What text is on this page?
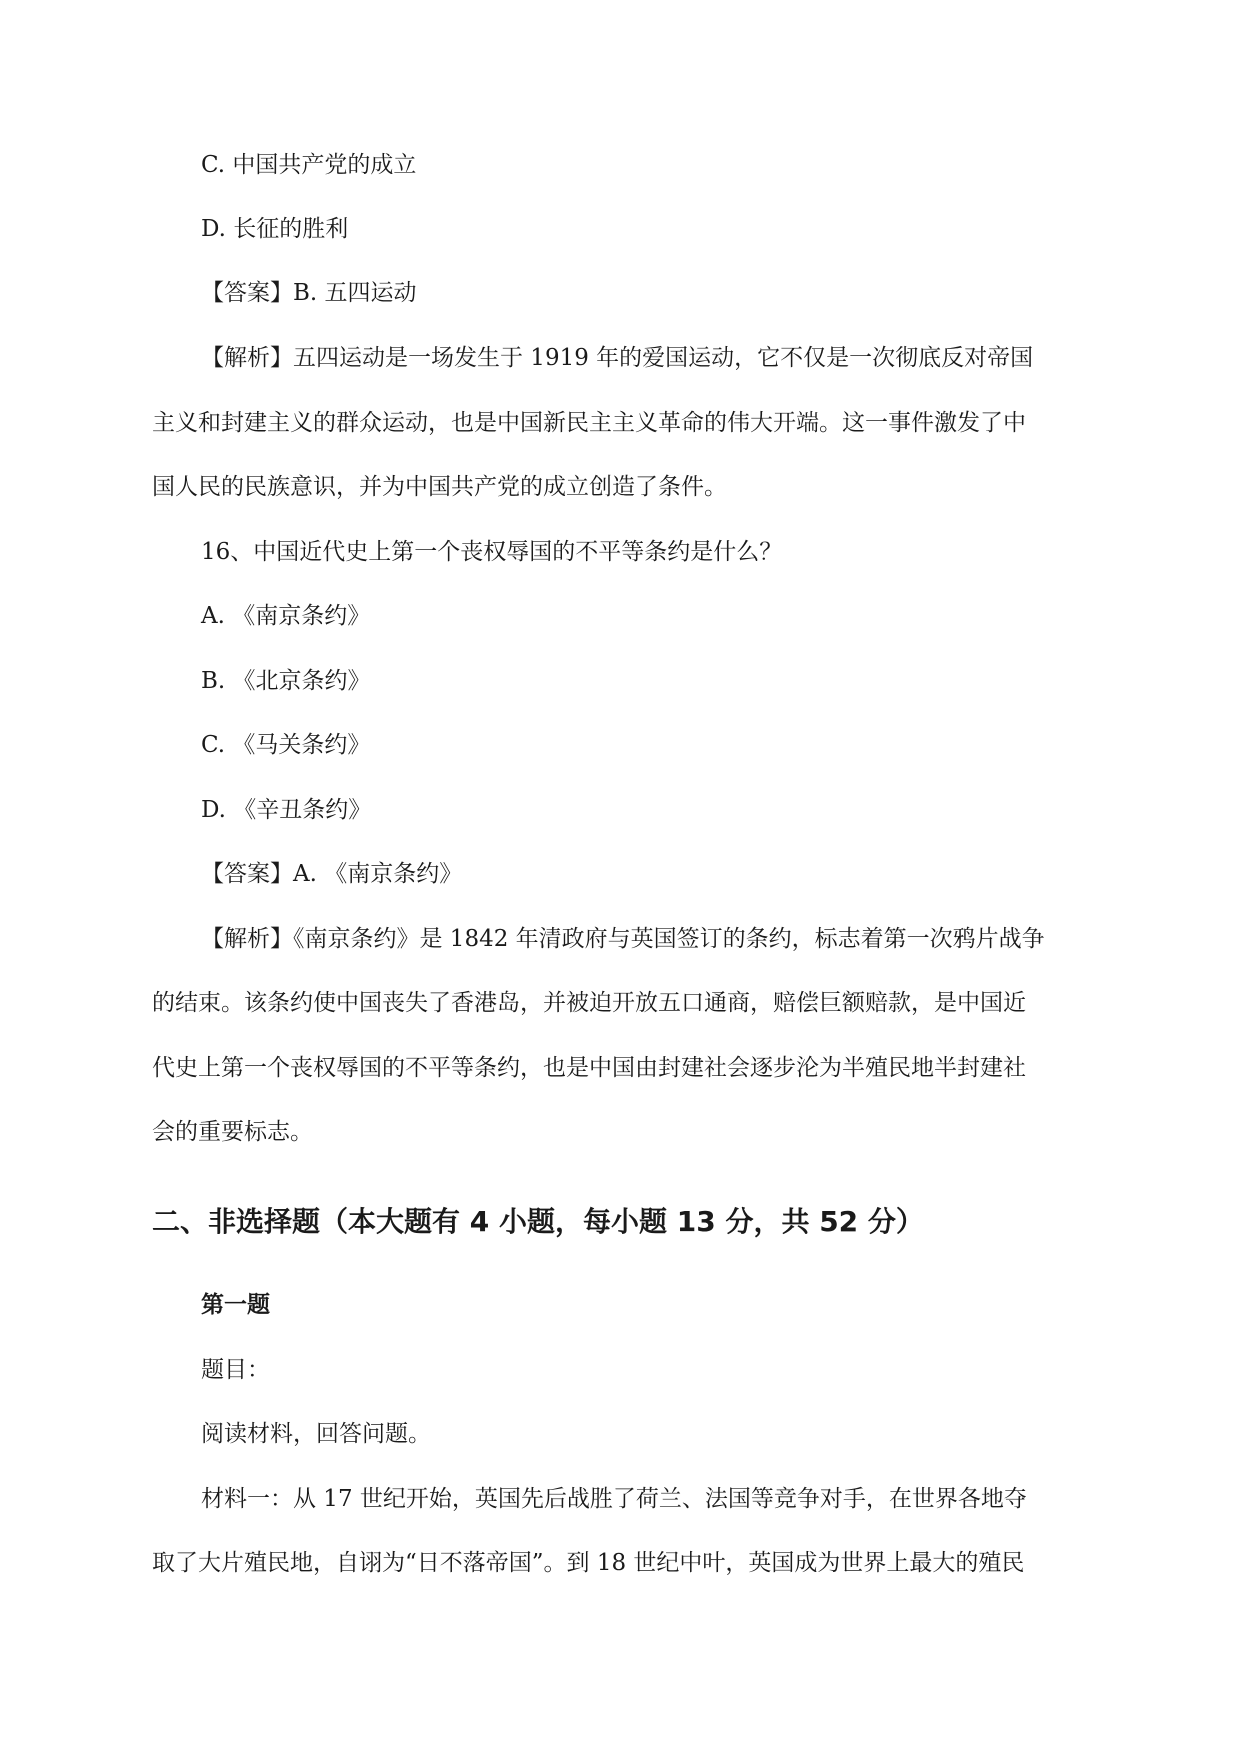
C. 中国共产党的成立

D. 长征的胜利

【答案】B. 五四运动

【解析】五四运动是一场发生于 1919 年的爱国运动，它不仅是一次彻底反对帝国

主义和封建主义的群众运动，也是中国新民主主义革命的伟大开端。这一事件激发了中

国人民的民族意识，并为中国共产党的成立创造了条件。

16、中国近代史上第一个丧权辱国的不平等条约是什么？

A. 《南京条约》

B. 《北京条约》

C. 《马关条约》

D. 《辛丑条约》

【答案】A. 《南京条约》

【解析】《南京条约》是 1842 年清政府与英国签订的条约，标志着第一次鸦片战争

的结束。该条约使中国丧失了香港岛，并被迫开放五口通商，赔偿巨额赔款，是中国近

代史上第一个丧权辱国的不平等条约，也是中国由封建社会逐步沦为半殖民地半封建社

会的重要标志。

二、非选择题（本大题有 4 小题，每小题 13 分，共 52 分）

第一题

题目：

阅读材料，回答问题。

材料一：从 17 世纪开始，英国先后战胜了荷兰、法国等竞争对手，在世界各地夺

取了大片殖民地，自诩为“日不落帝国”。到 18 世纪中叶，英国成为世界上最大的殖民
